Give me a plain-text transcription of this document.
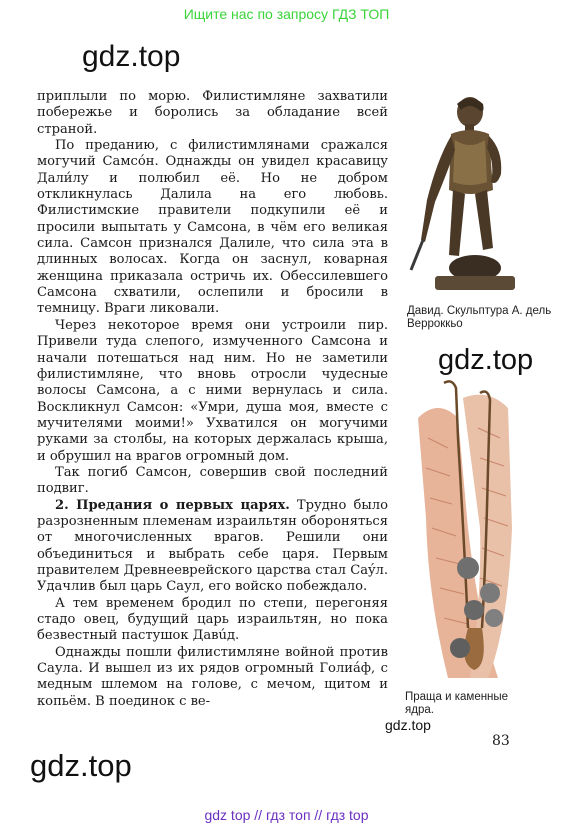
Ищите нас по запросу ГДЗ ТОП
gdz.top

приплыли по морю. Филистимляне захватили побережье и боролись за обладание всей страной.

По преданию, с филистимлянами сражался могучий Самсóн. Однажды он увидел красавицу Дали́лу и полюбил её. Но не добром откликнулась Далила на его любовь. Филистимские правители подкупили её и просили выпытать у Самсона, в чём его великая сила. Самсон признался Далиле, что сила эта в длинных волосах. Когда он заснул, коварная женщина приказала остричь их. Обессилевшего Самсона схватили, ослепили и бросили в темницу. Враги ликовали.

Через некоторое время они устроили пир. Привели туда слепого, измученного Самсона и начали потешаться над ним. Но не заметили филистимляне, что вновь отросли чудесные волосы Самсона, а с ними вернулась и сила. Воскликнул Самсон: «Умри, душа моя, вместе с мучителями моими!» Ухватился он могучими руками за столбы, на которых держалась крыша, и обрушил на врагов огромный дом.

Так погиб Самсон, совершив свой последний подвиг.

2. Предания о первых царях. Трудно было разрозненным племенам израильтян обороняться от многочисленных врагов. Решили они объединиться и выбрать себе царя. Первым правителем Древнееврейского царства стал Саýл. Удачлив был царь Саул, его войско побеждало.

А тем временем бродил по степи, перегоняя стадо овец, будущий царь израильтян, но пока безвестный пастушок Давúд.

Однажды пошли филистимляне войной против Саула. И вышел из их рядов огромный Голиáф, с медным шлемом на голове, с мечом, щитом и копьём. В поединок с ве-

Давид. Скульптура А. дель Верроккьо
gdz.top
Праща и каменные ядра.
gdz.top
83
gdz.top
gdz top // гдз топ // гдз top
